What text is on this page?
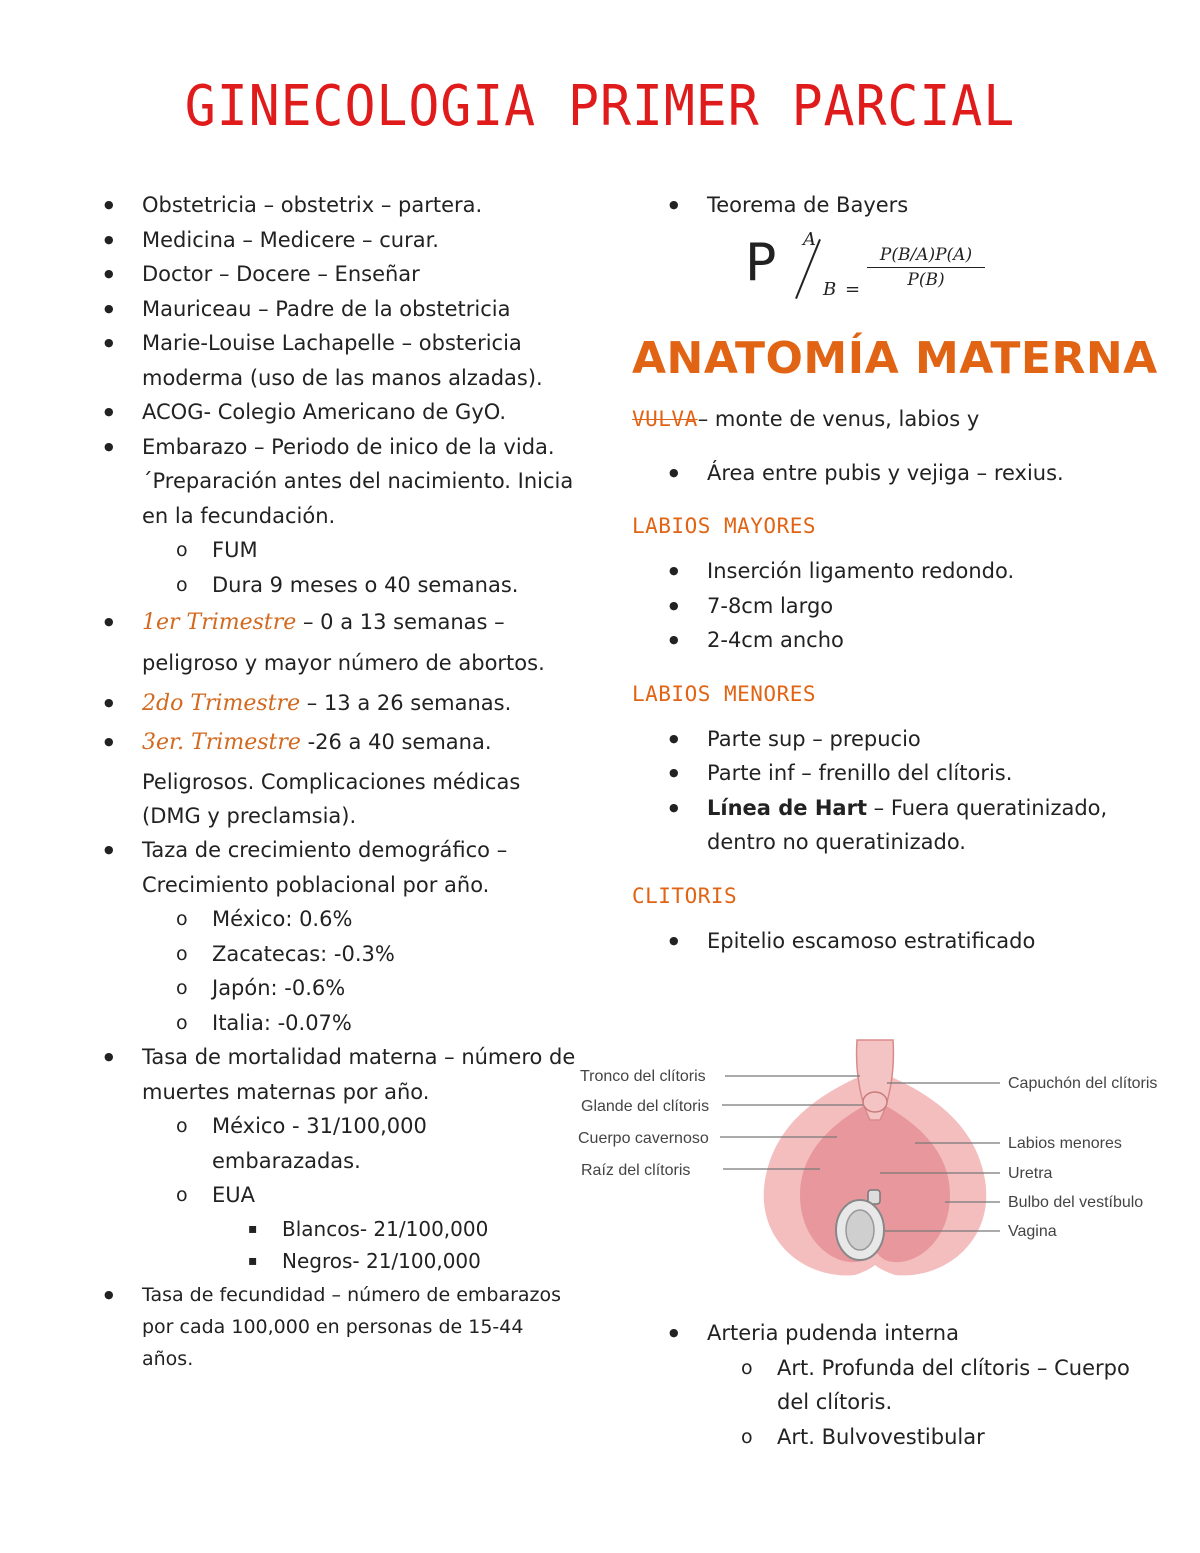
GINECOLOGIA PRIMER PARCIAL
● Obstetricia – obstetrix – partera.
● Medicina – Medicere – curar.
● Doctor – Docere – Enseñar
● Mauriceau – Padre de la obstetricia
● Marie-Louise Lachapelle – obstericia moderma (uso de las manos alzadas).
● ACOG- Colegio Americano de GyO.
● Embarazo – Periodo de inico de la vida. ´Preparación antes del nacimiento. Inicia en la fecundación.
o FUM
o Dura 9 meses o 40 semanas.
● 1er Trimestre – 0 a 13 semanas –
peligroso y mayor número de abortos.
● 2do Trimestre – 13 a 26 semanas.
● 3er. Trimestre -26 a 40 semana.

Peligrosos. Complicaciones médicas (DMG y preclamsia).
● Taza de crecimiento demográfico – Crecimiento poblacional por año.
o México: 0.6%
o Zacatecas: -0.3%
o Japón: -0.6%
o Italia: -0.07%
● Tasa de mortalidad materna – número de muertes maternas por año.
o México - 31/100,000 embarazadas.
o EUA
▪ Blancos- 21/100,000
▪ Negros- 21/100,000
● Tasa de fecundidad – número de embarazos por cada 100,000 en personas de 15-44 años.
● Teorema de Bayers
P A
$B = \frac{P(B/A)P(A)}{P(B)}$
ANATOMÍA MATERNA
VULVA– monte de venus, labios y
● Área entre pubis y vejiga – rexius.
LABIOS MAYORES
● Inserción ligamento redondo.
● 7-8cm largo
● 2-4cm ancho
LABIOS MENORES
● Parte sup – prepucio
● Parte inf – frenillo del clítoris.
● Línea de Hart – Fuera queratinizado, dentro no queratinizado.
CLITORIS
● Epitelio escamoso estratificado
Tronco del clítoris
Glande del clítoris
Cuerpo cavernoso
Raíz del clítoris
Capuchón del clítoris
Labios menores
Uretra
Bulbo del vestíbulo
Vagina
● Arteria pudenda interna
o Art. Profunda del clítoris – Cuerpo del clítoris.
o Art. Bulvovestibular
